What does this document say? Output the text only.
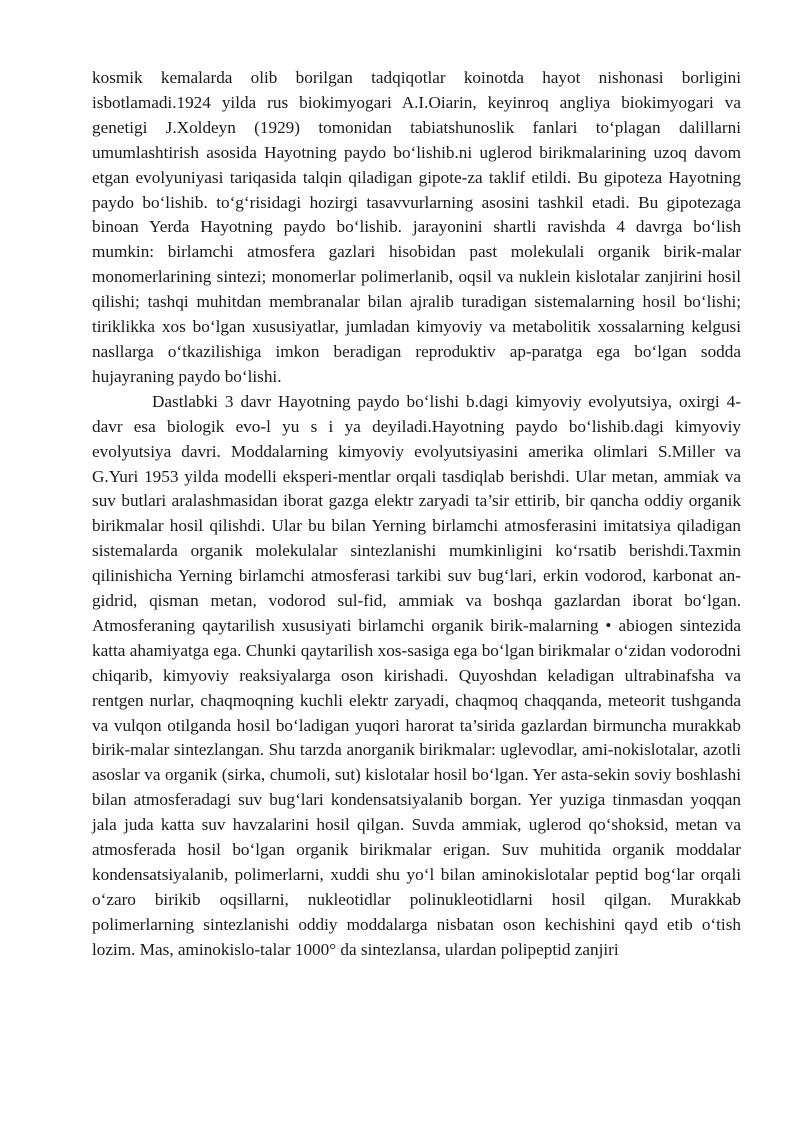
kosmik kemalarda olib borilgan tadqiqotlar koinotda hayot nishonasi borligini isbotlamadi.1924 yilda rus biokimyogari A.I.Oiarin, keyinroq angliya biokimyogari va genetigi J.Xoldeyn (1929) tomonidan tabiatshunoslik fanlari to‘plagan dalillarni umumlashtirish asosida Hayotning paydo bo‘lishib.ni uglerod birikmalarining uzoq davom etgan evolyuniyasi tariqasida talqin qiladigan gipote-za taklif etildi. Bu gipoteza Hayotning paydo bo‘lishib. to‘g‘risidagi hozirgi tasavvurlarning asosini tashkil etadi. Bu gipotezaga binoan Yerda Hayotning paydo bo‘lishib. jarayonini shartli ravishda 4 davrga bo‘lish mumkin: birlamchi atmosfera gazlari hisobidan past molekulali organik birik-malar monomerlarining sintezi; monomerlar polimerlanib, oqsil va nuklein kislotalar zanjirini hosil qilishi; tashqi muhitdan membranalar bilan ajralib turadigan sistemalarning hosil bo‘lishi; tiriklikka xos bo‘lgan xususiyatlar, jumladan kimyoviy va metabolitik xossalarning kelgusi nasllarga o‘tkazilishiga imkon beradigan reproduktiv ap-paratga ega bo‘lgan sodda hujayraning paydo bo‘lishi.

Dastlabki 3 davr Hayotning paydo bo‘lishi b.dagi kimyoviy evolyutsiya, oxirgi 4-davr esa biologik evo-l yu s i ya deyiladi.Hayotning paydo bo‘lishib.dagi kimyoviy evolyutsiya davri. Moddalarning kimyoviy evolyutsiyasini amerika olimlari S.Miller va G.Yuri 1953 yilda modelli eksperi-mentlar orqali tasdiqlab berishdi. Ular metan, ammiak va suv butlari aralashmasidan iborat gazga elektr zaryadi ta’sir ettirib, bir qancha oddiy organik birikmalar hosil qilishdi. Ular bu bilan Yerning birlamchi atmosferasini imitatsiya qiladigan sistemalarda organik molekulalar sintezlanishi mumkinligini ko‘rsatib berishdi.Taxmin qilinishicha Yerning birlamchi atmosferasi tarkibi suv bug‘lari, erkin vodorod, karbonat an-gidrid, qisman metan, vodorod sul-fid, ammiak va boshqa gazlardan iborat bo‘lgan. Atmosferaning qaytarilish xususiyati birlamchi organik birik-malarning • abiogen sintezida katta ahamiyatga ega. Chunki qaytarilish xos-sasiga ega bo‘lgan birikmalar o‘zidan vodorodni chiqarib, kimyoviy reaksiyalarga oson kirishadi. Quyoshdan keladigan ultrabinafsha va rentgen nurlar, chaqmoqning kuchli elektr zaryadi, chaqmoq chaqqanda, meteorit tushganda va vulqon otilganda hosil bo‘ladigan yuqori harorat ta’sirida gazlardan birmuncha murakkab birik-malar sintezlangan. Shu tarzda anorganik birikmalar: uglevodlar, ami-nokislotalar, azotli asoslar va organik (sirka, chumoli, sut) kislotalar hosil bo‘lgan. Yer asta-sekin soviy boshlashi bilan atmosferadagi suv bug‘lari kondensatsiyalanib borgan. Yer yuziga tinmasdan yoqqan jala juda katta suv havzalarini hosil qilgan. Suvda ammiak, uglerod qo‘shoksid, metan va atmosferada hosil bo‘lgan organik birikmalar erigan. Suv muhitida organik moddalar kondensatsiyalanib, polimerlarni, xuddi shu yo‘l bilan aminokislotalar peptid bog‘lar orqali o‘zaro birikib oqsillarni, nukleotidlar polinukleotidlarni hosil qilgan. Murakkab polimerlarning sintezlanishi oddiy moddalarga nisbatan oson kechishini qayd etib o‘tish lozim. Mas, aminokislo-talar 1000° da sintezlansa, ulardan polipeptid zanjiri
